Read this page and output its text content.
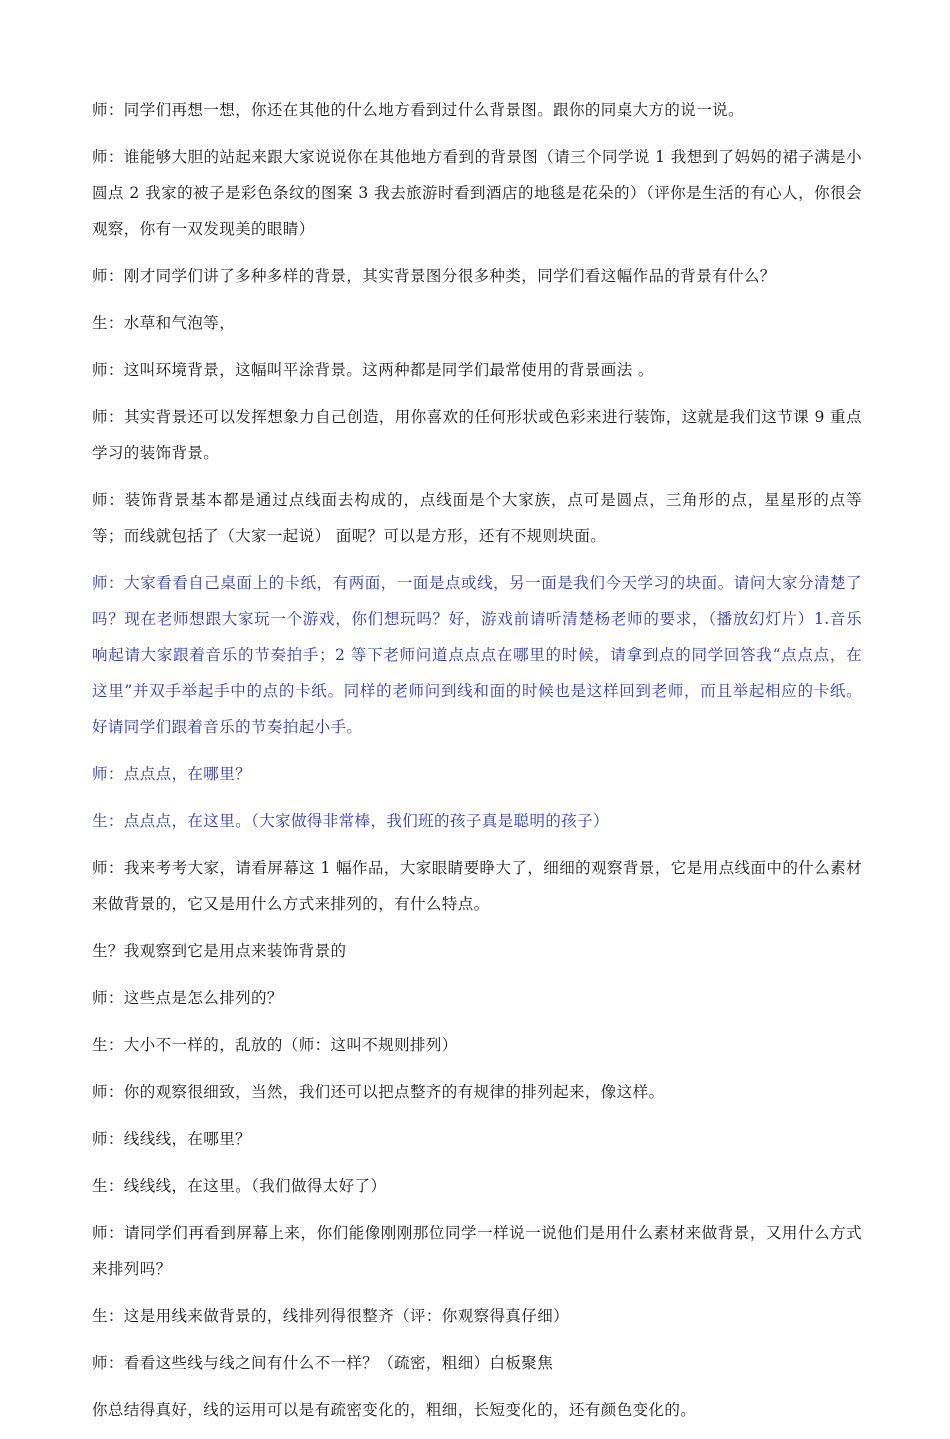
师：同学们再想一想，你还在其他的什么地方看到过什么背景图。跟你的同桌大方的说一说。

师：谁能够大胆的站起来跟大家说说你在其他地方看到的背景图（请三个同学说 1 我想到了妈妈的裙子满是小圆点 2 我家的被子是彩色条纹的图案 3 我去旅游时看到酒店的地毯是花朵的）（评你是生活的有心人，你很会观察，你有一双发现美的眼睛）

师：刚才同学们讲了多种多样的背景，其实背景图分很多种类，同学们看这幅作品的背景有什么？

生：水草和气泡等，

师：这叫环境背景，这幅叫平涂背景。这两种都是同学们最常使用的背景画法 。

师：其实背景还可以发挥想象力自己创造，用你喜欢的任何形状或色彩来进行装饰，这就是我们这节课 9 重点学习的装饰背景。

师：装饰背景基本都是通过点线面去构成的，点线面是个大家族，点可是圆点，三角形的点，星星形的点等等；而线就包括了（大家一起说） 面呢？可以是方形，还有不规则块面。

师：大家看看自己桌面上的卡纸，有两面，一面是点或线，另一面是我们今天学习的块面。请问大家分清楚了吗？现在老师想跟大家玩一个游戏，你们想玩吗？好，游戏前请听清楚杨老师的要求，（播放幻灯片）1.音乐响起请大家跟着音乐的节奏拍手；2 等下老师问道点点点在哪里的时候，请拿到点的同学回答我“点点点，在这里”并双手举起手中的点的卡纸。同样的老师问到线和面的时候也是这样回到老师，而且举起相应的卡纸。好请同学们跟着音乐的节奏拍起小手。

师：点点点，在哪里？

生：点点点，在这里。（大家做得非常棒，我们班的孩子真是聪明的孩子）

师：我来考考大家，请看屏幕这 1 幅作品，大家眼睛要睁大了，细细的观察背景，它是用点线面中的什么素材来做背景的，它又是用什么方式来排列的，有什么特点。

生？我观察到它是用点来装饰背景的

师：这些点是怎么排列的？

生：大小不一样的，乱放的（师：这叫不规则排列）

师：你的观察很细致，当然，我们还可以把点整齐的有规律的排列起来，像这样。

师：线线线，在哪里？

生：线线线，在这里。（我们做得太好了）

师：请同学们再看到屏幕上来，你们能像刚刚那位同学一样说一说他们是用什么素材来做背景，又用什么方式来排列吗？

生：这是用线来做背景的，线排列得很整齐（评：你观察得真仔细）

师：看看这些线与线之间有什么不一样？（疏密，粗细）白板聚焦

你总结得真好，线的运用可以是有疏密变化的，粗细，长短变化的，还有颜色变化的。
